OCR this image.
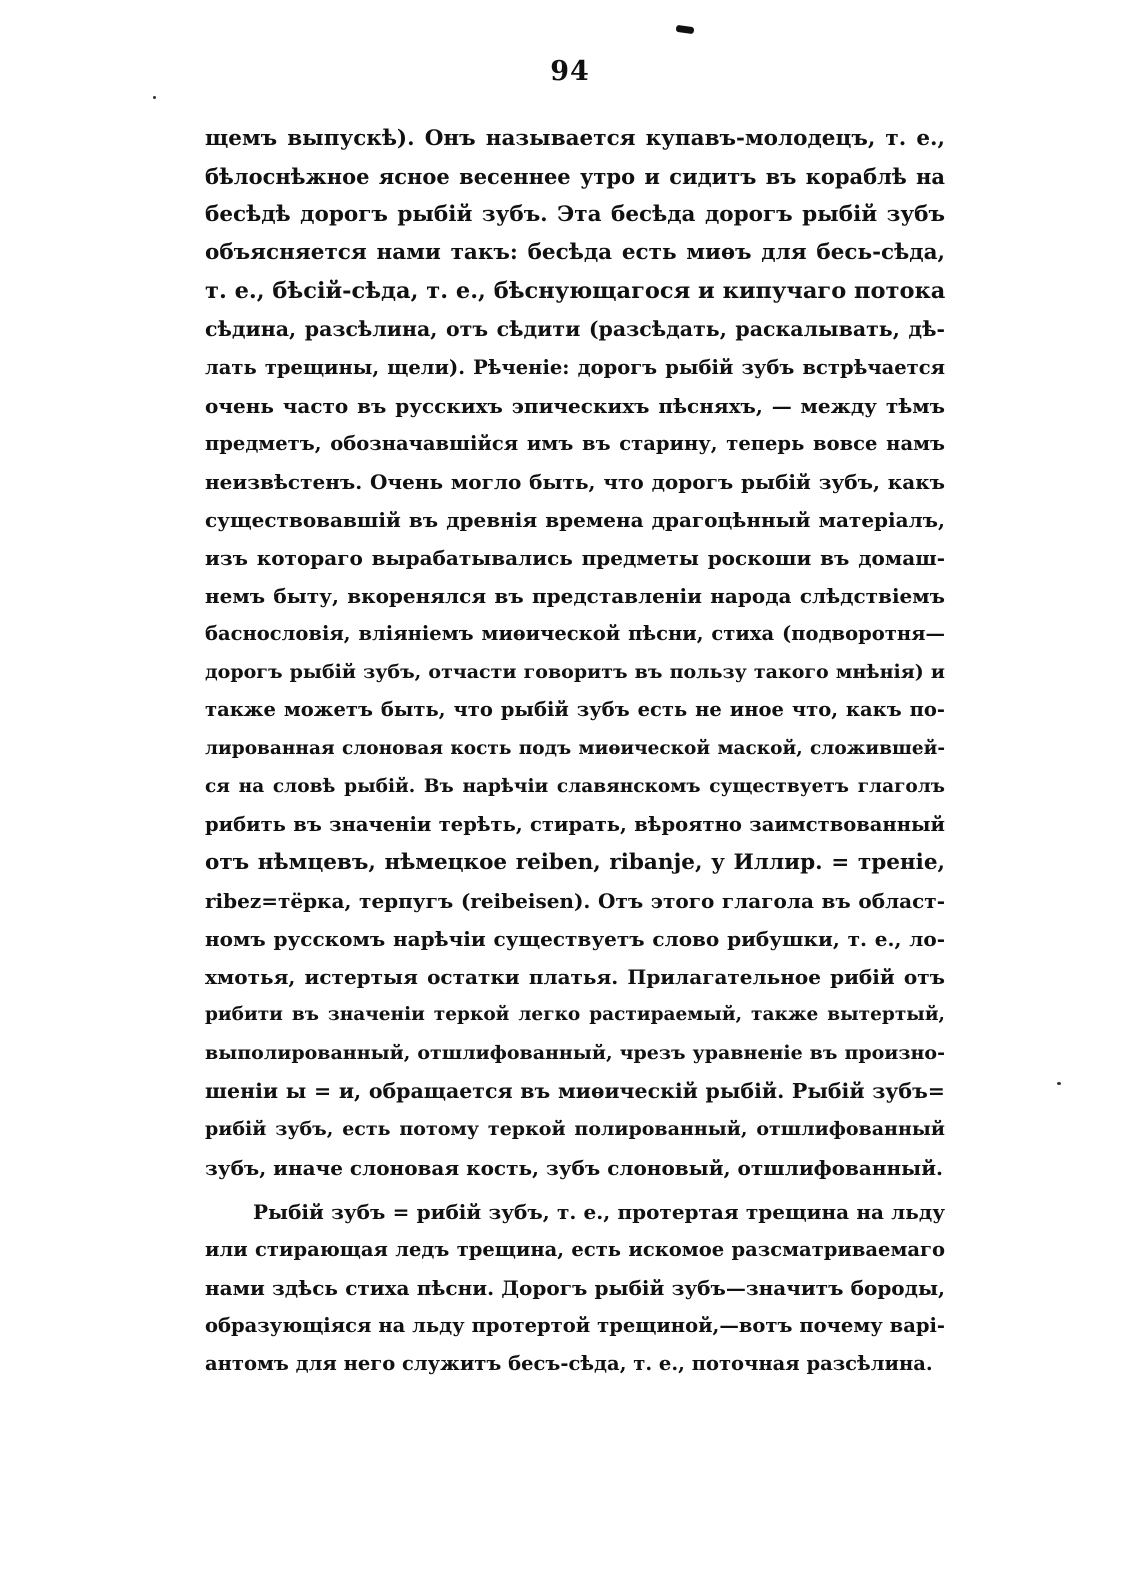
94
щемъ выпускѣ). Онъ называется купавъ-молодецъ, т. е.,
бѣлоснѣжное ясное весеннее утро и сидитъ въ кораблѣ на
бесѣдѣ дорогъ рыбій зубъ. Эта бесѣда дорогъ рыбій зубъ
объясняется нами такъ: бесѣда есть миѳъ для бесь-сѣда,
т. е., бѣсій-сѣда, т. е., бѣснующагося и кипучаго потока
сѣдина, разсѣлина, отъ сѣдити (разсѣдать, раскалывать, дѣ-
лать трещины, щели). Рѣченіе: дорогъ рыбій зубъ встрѣчается
очень часто въ русскихъ эпическихъ пѣсняхъ, — между тѣмъ
предметъ, обозначавшійся имъ въ старину, теперь вовсе намъ
неизвѣстенъ. Очень могло быть, что дорогъ рыбій зубъ, какъ
существовавшій въ древнія времена драгоцѣнный матеріалъ,
изъ котораго вырабатывались предметы роскоши въ домаш-
немъ быту, вкоренялся въ представленіи народа слѣдствіемъ
баснословія, вліяніемъ миѳической пѣсни, стиха (подворотня—
дорогъ рыбій зубъ, отчасти говоритъ въ пользу такого мнѣнія) и
также можетъ быть, что рыбій зубъ есть не иное что, какъ по-
лированная слоновая кость подъ миѳической маской, сложившей-
ся на словѣ рыбій. Въ нарѣчіи славянскомъ существуетъ глаголъ
рибить въ значеніи терѣть, стирать, вѣроятно заимствованный
отъ нѣмцевъ, нѣмецкое reiben, ribanje, у Иллир. = треніе,
ribez=тёрка, терпугъ (reibeisen). Отъ этого глагола въ област-
номъ русскомъ нарѣчіи существуетъ слово рибушки, т. е., ло-
хмотья, истертыя остатки платья. Прилагательное рибій отъ
рибити въ значеніи теркой легко растираемый, также вытертый,
выполированный, отшлифованный, чрезъ уравненіе въ произно-
шеніи ы = и, обращается въ миѳическій рыбій. Рыбій зубъ=
рибій зубъ, есть потому теркой полированный, отшлифованный
зубъ, иначе слоновая кость, зубъ слоновый, отшлифованный.
Рыбій зубъ = рибій зубъ, т. е., протертая трещина на льду
или стирающая ледъ трещина, есть искомое разсматриваемаго
нами здѣсь стиха пѣсни. Дорогъ рыбій зубъ—значитъ бороды,
образующіяся на льду протертой трещиной,—вотъ почему варі-
антомъ для него служитъ бесъ-сѣда, т. е., поточная разсѣлина.
